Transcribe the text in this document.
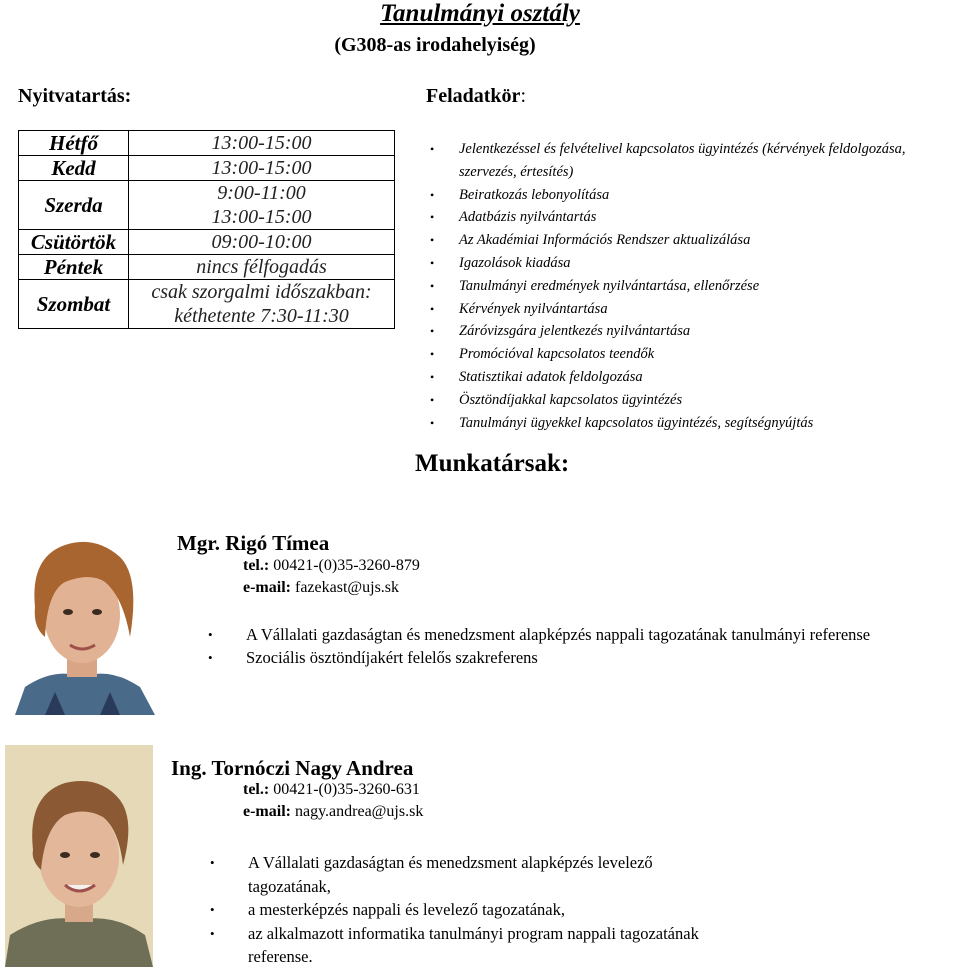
Tanulmányi osztály
(G308-as irodahelyiség)
Nyitvatartás:	Feladatkör:
Hétfő	13:00-15:00

Kedd	13:00-15:00

Szerda	9:00-11:00
13:00-15:00

Csütörtök	09:00-10:00

Péntek	nincs félfogadás

Szombat	csak szorgalmi időszakban:
kéthetente 7:30-11:30
• Jelentkezéssel és felvételivel kapcsolatos ügyintézés (kérvények feldolgozása, szervezés, értesítés)
• Beiratkozás lebonyolítása
• Adatbázis nyilvántartás
• Az Akadémiai Információs Rendszer aktualizálása
• Igazolások kiadása
• Tanulmányi eredmények nyilvántartása, ellenőrzése
• Kérvények nyilvántartása
• Záróvizsgára jelentkezés nyilvántartása
• Promócióval kapcsolatos teendők
• Statisztikai adatok feldolgozása
• Ösztöndíjakkal kapcsolatos ügyintézés
• Tanulmányi ügyekkel kapcsolatos ügyintézés, segítségnyújtás
Munkatársak:
Mgr. Rigó Tímea
tel.: 00421-(0)35-3260-879
e-mail: fazekast@ujs.sk
• A Vállalati gazdaságtan és menedzsment alapképzés nappali tagozatának tanulmányi referense
• Szociális ösztöndíjakért felelős szakreferens
Ing. Tornóczi Nagy Andrea
tel.: 00421-(0)35-3260-631
e-mail: nagy.andrea@ujs.sk
• A Vállalati gazdaságtan és menedzsment alapképzés levelező tagozatának,
• a mesterképzés nappali és levelező tagozatának,
• az alkalmazott informatika tanulmányi program nappali tagozatának referense.
